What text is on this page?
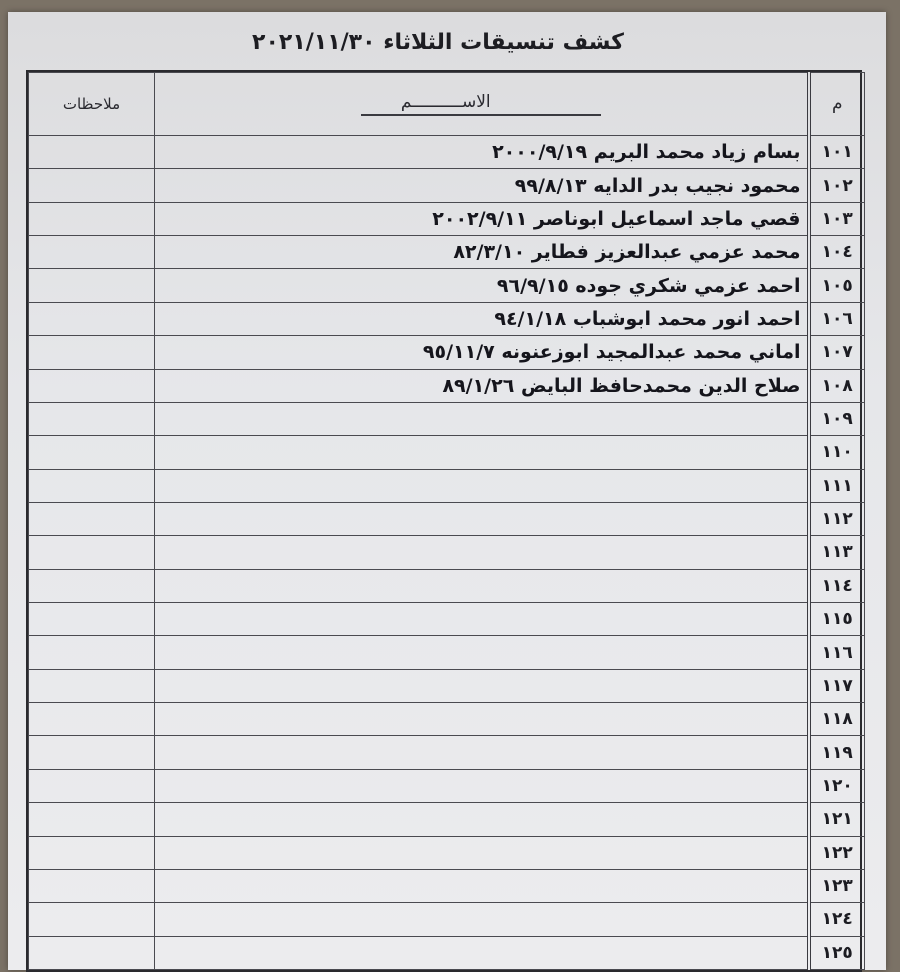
كشف تنسيقات الثلاثاء ٢٠٢١/١١/٣٠
م	الاســــــــــم	ملاحظات
١٠١	بسام زياد محمد البريم ٢٠٠٠/٩/١٩	
١٠٢	محمود نجيب بدر الدايه ٩٩/٨/١٣	
١٠٣	قصي ماجد اسماعيل ابوناصر ٢٠٠٢/٩/١١	
١٠٤	محمد عزمي عبدالعزيز فطاير ٨٢/٣/١٠	
١٠٥	احمد عزمي شكري جوده ٩٦/٩/١٥	
١٠٦	احمد انور محمد ابوشباب ٩٤/١/١٨	
١٠٧	اماني محمد عبدالمجيد ابوزعنونه ٩٥/١١/٧	
١٠٨	صلاح الدين محمدحافظ البايض ٨٩/١/٢٦	
١٠٩		
١١٠		
١١١		
١١٢		
١١٣		
١١٤		
١١٥		
١١٦		
١١٧		
١١٨		
١١٩		
١٢٠		
١٢١		
١٢٢		
١٢٣		
١٢٤		
١٢٥		
